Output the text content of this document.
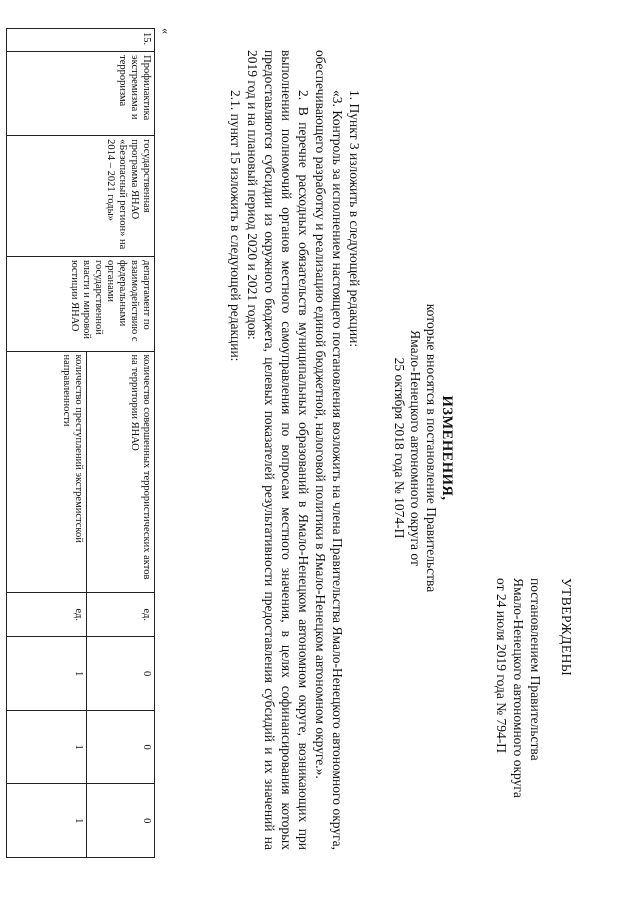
УТВЕРЖДЕНЫ
постановлением Правительства
Ямало-Ненецкого автономного округа
от 24 июля 2019 года № 794-П
ИЗМЕНЕНИЯ,
которые вносятся в постановление Правительства
Ямало-Ненецкого автономного округа от
25 октября 2018 года № 1074-П

1. Пункт 3 изложить в следующей редакции:

«3. Контроль за исполнением настоящего постановления возложить на члена Правительства Ямало-Ненецкого автономного округа, обеспечивающего разработку и реализацию единой бюджетной, налоговой политики в Ямало-Ненецком автономном округе.».

2. В перечне расходных обязательств муниципальных образований в Ямало-Ненецком автономном округе, возникающих при выполнении полномочий органов местного самоуправления по вопросам местного значения, в целях софинансирования которых предоставляются субсидии из окружного бюджета, целевых показателей результативности предоставления субсидий и их значений на 2019 год и на плановый период 2020 и 2021 годов:

2.1. пункт 15 изложить в следующей редакции:

«
15.	Профилактика экстремизма и терроризма	государственная программа ЯНАО «Безопасный регион» на 2014 – 2021 годы»	департамент по взаимодействию с федеральными органами государственной власти и мировой юстиции ЯНАО	количество совершенных террористических актов на территории ЯНАО	ед.	0	0	0
				количество преступлений экстремистской направленности	ед.	1	1	1
